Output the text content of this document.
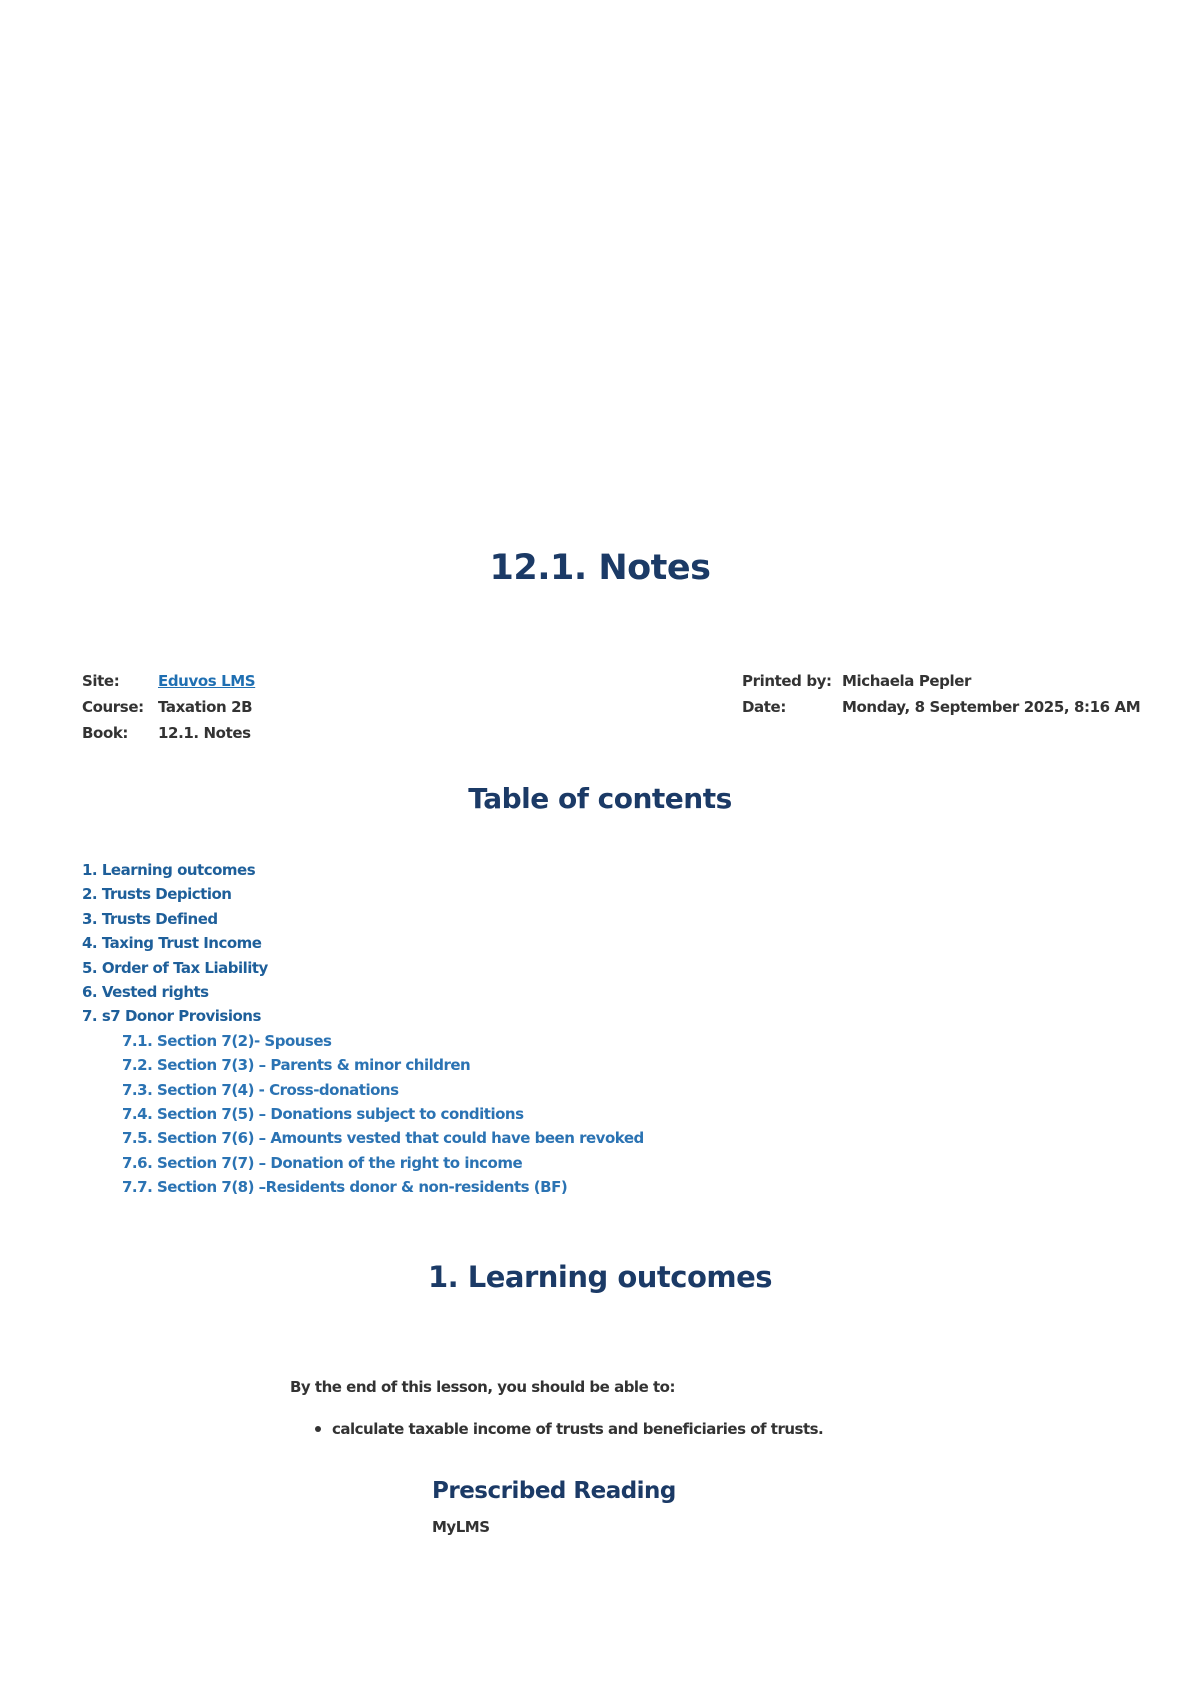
12.1. Notes
Site:	Eduvos LMS
Course: Taxation 2B
Book:	12.1. Notes
Printed by: Michaela Pepler
Date:	Monday, 8 September 2025, 8:16 AM
Table of contents
1. Learning outcomes
2. Trusts Depiction
3. Trusts Defined
4. Taxing Trust Income
5. Order of Tax Liability
6. Vested rights
7. s7 Donor Provisions
7.1. Section 7(2)- Spouses
7.2. Section 7(3) – Parents & minor children
7.3. Section 7(4) - Cross-donations
7.4. Section 7(5) – Donations subject to conditions
7.5. Section 7(6) – Amounts vested that could have been revoked
7.6. Section 7(7) – Donation of the right to income
7.7. Section 7(8) –Residents donor & non-residents (BF)
1. Learning outcomes

By the end of this lesson, you should be able to:

calculate taxable income of trusts and beneficiaries of trusts.
Prescribed Reading

MyLMS
